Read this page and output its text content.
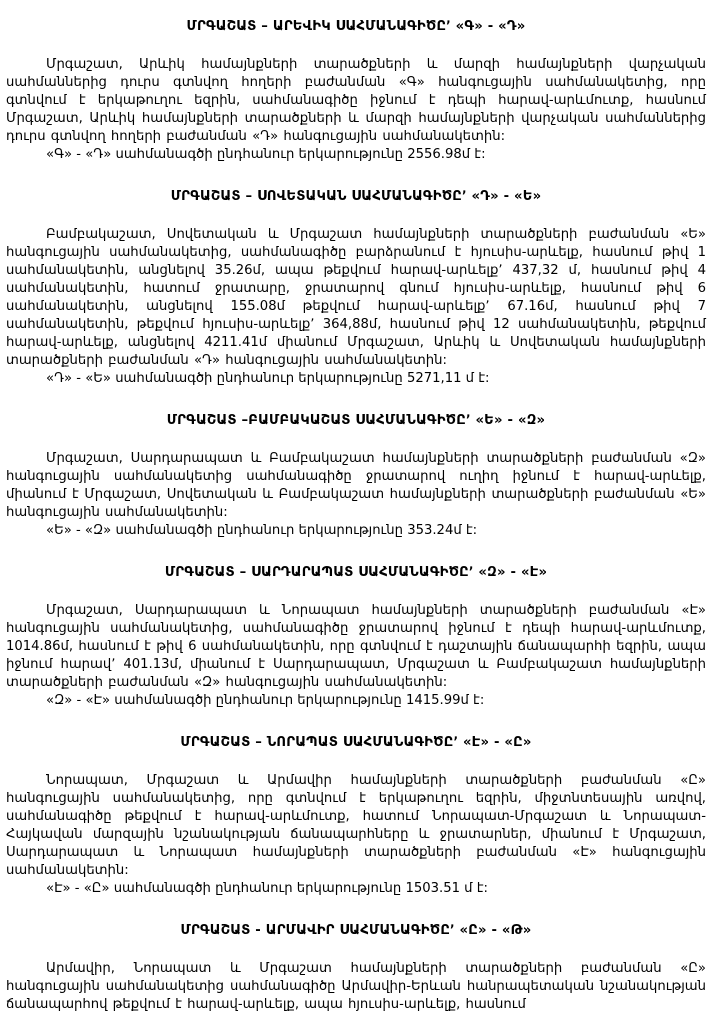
ՄՐԳԱՇԱՏ – ԱՐԵՎԻԿ ՍԱՀՄԱՆԱԳԻԾԸ՚ «Գ» - «Դ»

Մրգաշատ, Արևիկ համայնքների տարածքների և մարզի համայնքների վարչական սահմաններից դուրս գտնվող հողերի բաժանման «Գ» հանգուցային սահմանակետից, որը գտնվում է երկաթուղու եզրին, սահմանագիծը իջնում է դեպի հարավ-արևմուտք, հասնում Մրգաշատ, Արևիկ համայնքների տարածքների և մարզի համայնքների վարչական սահմաններից դուրս գտնվող հողերի բաժանման «Դ» հանգուցային սահմանակետին:

«Գ» - «Դ» սահմանագծի ընդհանուր երկարությունը 2556.98մ է:

ՄՐԳԱՇԱՏ – ՍՈՎԵՏԱԿԱՆ ՍԱՀՄԱՆԱԳԻԾԸ՚ «Դ» - «Ե»

Բամբակաշատ, Սովետական և Մրգաշատ համայնքների տարածքների բաժանման «Ե» հանգուցային սահմանակետից, սահմանագիծը բարձրանում է հյուսիս-արևելք, հասնում թիվ 1 սահմանակետին, անցնելով 35.26մ, ապա թեքվում հարավ-արևելք՚ 437,32 մ, հասնում թիվ 4 սահմանակետին, հատում ջրատարը, ջրատարով գնում հյուսիս-արևելք, հասնում թիվ 6 սահմանակետին, անցնելով 155.08մ թեքվում հարավ-արևելք՚ 67.16մ, հասնում թիվ 7 սահմանակետին, թեքվում հյուսիս-արևելք՚ 364,88մ, հասնում թիվ 12 սահմանակետին, թեքվում հարավ-արևելք, անցնելով 4211.41մ միանում Մրգաշատ, Արևիկ և Սովետական համայնքների տարածքների բաժանման «Դ» հանգուցային սահմանակետին:

«Դ» - «Ե» սահմանագծի ընդհանուր երկարությունը 5271,11 մ է:

ՄՐԳԱՇԱՏ –ԲԱՄԲԱԿԱՇԱՏ ՍԱՀՄԱՆԱԳԻԾԸ՚ «Ե» - «Զ»

Մրգաշատ, Սարդարապատ և Բամբակաշատ համայնքների տարածքների բաժանման «Զ» հանգուցային սահմանակետից սահմանագիծը ջրատարով ուղիղ իջնում է հարավ-արևելք, միանում է Մրգաշատ, Սովետական և Բամբակաշատ համայնքների տարածքների բաժանման «Ե» հանգուցային սահմանակետին:

«Ե» - «Զ» սահմանագծի ընդհանուր երկարությունը 353.24մ է:

ՄՐԳԱՇԱՏ – ՍԱՐԴԱՐԱՊԱՏ ՍԱՀՄԱՆԱԳԻԾԸ՚ «Զ» - «Է»

Մրգաշատ, Սարդարապատ և Նորապատ համայնքների տարածքների բաժանման «Է» հանգուցային սահմանակետից, սահմանագիծը ջրատարով իջնում է դեպի հարավ-արևմուտք, 1014.86մ, հասնում է թիվ 6 սահմանակետին, որը գտնվում է դաշտային ճանապարհի եզրին, ապա իջնում հարավ՚ 401.13մ, միանում է Սարդարապատ, Մրգաշատ և Բամբակաշատ համայնքների տարածքների բաժանման «Զ» հանգուցային սահմանակետին:

«Զ» - «Է» սահմանագծի ընդհանուր երկարությունը 1415.99մ է:

ՄՐԳԱՇԱՏ – ՆՈՐԱՊԱՏ ՍԱՀՄԱՆԱԳԻԾԸ՚ «Է» - «Ը»

Նորապատ, Մրգաշատ և Արմավիր համայնքների տարածքների բաժանման «Ը» հանգուցային սահմանակետից, որը գտնվում է երկաթուղու եզրին, միջտնտեսային առվով, սահմանագիծը թեքվում է հարավ-արևմուտք, հատում Նորապատ-Մրգաշատ և Նորապատ-Հայկավան մարզային նշանակության ճանապարհները և ջրատարներ, միանում է Մրգաշատ, Սարդարապատ և Նորապատ համայնքների տարածքների բաժանման «Է» հանգուցային սահմանակետին:

«Է» - «Ը» սահմանագծի ընդհանուր երկարությունը 1503.51 մ է:

ՄՐԳԱՇԱՏ - ԱՐՄԱՎԻՐ ՍԱՀՄԱՆԱԳԻԾԸ՚ «Ը» - «Թ»

Արմավիր, Նորապատ և Մրգաշատ համայնքների տարածքների բաժանման «Ը» հանգուցային սահմանակետից սահմանագիծը Արմավիր-Երևան հանրապետական նշանակության ճանապարհով թեքվում է հարավ-արևելք, ապա հյուսիս-արևելք, հասնում
